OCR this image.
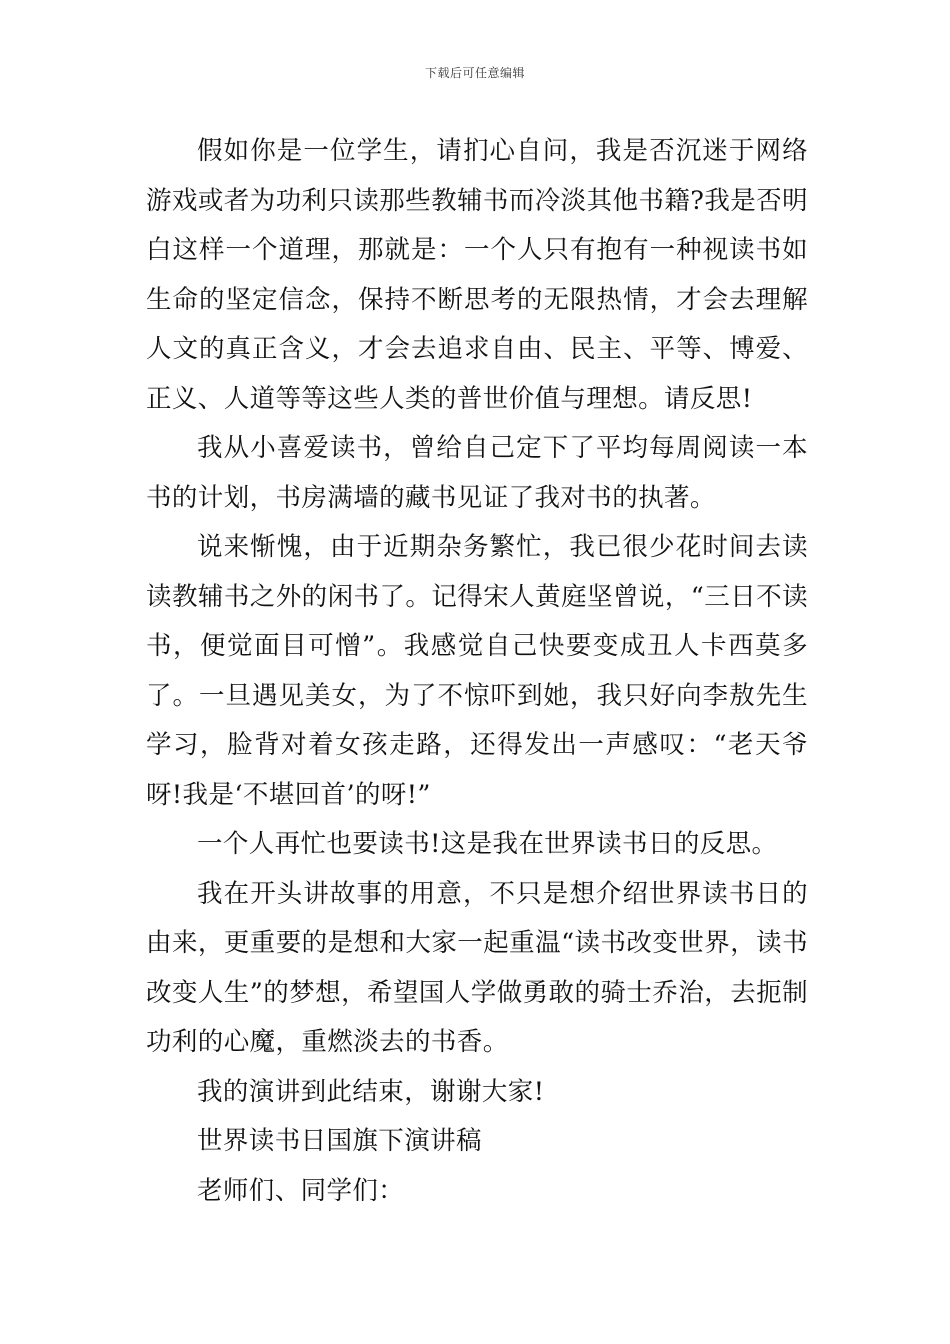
下载后可任意编辑

假如你是一位学生，请扪心自问，我是否沉迷于网络游戏或者为功利只读那些教辅书而冷淡其他书籍?我是否明白这样一个道理，那就是：一个人只有抱有一种视读书如生命的坚定信念，保持不断思考的无限热情，才会去理解人文的真正含义，才会去追求自由、民主、平等、博爱、正义、人道等等这些人类的普世价值与理想。请反思!

我从小喜爱读书，曾给自己定下了平均每周阅读一本书的计划，书房满墙的藏书见证了我对书的执著。

说来惭愧，由于近期杂务繁忙，我已很少花时间去读读教辅书之外的闲书了。记得宋人黄庭坚曾说，“三日不读书，便觉面目可憎”。我感觉自己快要变成丑人卡西莫多了。一旦遇见美女，为了不惊吓到她，我只好向李敖先生学习，脸背对着女孩走路，还得发出一声感叹：“老天爷呀!我是‘不堪回首’的呀!”

一个人再忙也要读书!这是我在世界读书日的反思。

我在开头讲故事的用意，不只是想介绍世界读书日的由来，更重要的是想和大家一起重温“读书改变世界，读书改变人生”的梦想，希望国人学做勇敢的骑士乔治，去扼制功利的心魔，重燃淡去的书香。

我的演讲到此结束，谢谢大家!

世界读书日国旗下演讲稿

老师们、同学们：
